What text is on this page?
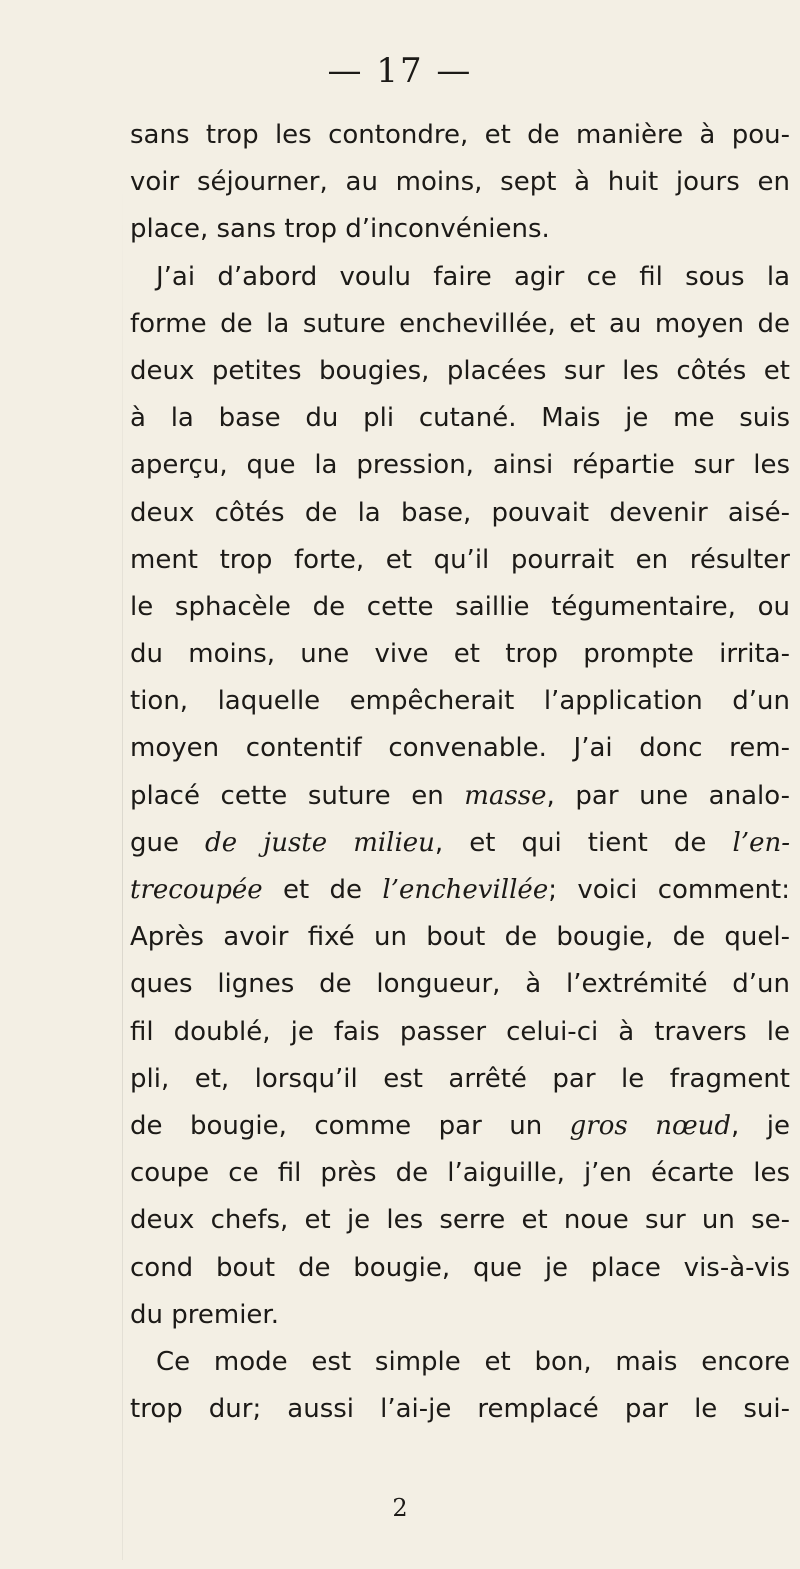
— 17 —
sans trop les contondre, et de manière à pou-
voir séjourner, au moins, sept à huit jours en
place, sans trop d’inconvéniens.
J’ai d’abord voulu faire agir ce fil sous la
forme de la suture enchevillée, et au moyen de
deux petites bougies, placées sur les côtés et
à la base du pli cutané. Mais je me suis
aperçu, que la pression, ainsi répartie sur les
deux côtés de la base, pouvait devenir aisé-
ment trop forte, et qu’il pourrait en résulter
le sphacèle de cette saillie tégumentaire, ou
du moins, une vive et trop prompte irrita-
tion, laquelle empêcherait l’application d’un
moyen contentif convenable. J’ai donc rem-
placé cette suture en masse, par une analo-
gue de juste milieu, et qui tient de l’en-
trecoupée et de l’enchevillée; voici comment:
Après avoir fixé un bout de bougie, de quel-
ques lignes de longueur, à l’extrémité d’un
fil doublé, je fais passer celui-ci à travers le
pli, et, lorsqu’il est arrêté par le fragment
de bougie, comme par un gros nœud, je
coupe ce fil près de l’aiguille, j’en écarte les
deux chefs, et je les serre et noue sur un se-
cond bout de bougie, que je place vis-à-vis
du premier.
Ce mode est simple et bon, mais encore
trop dur; aussi l’ai-je remplacé par le sui-
2
